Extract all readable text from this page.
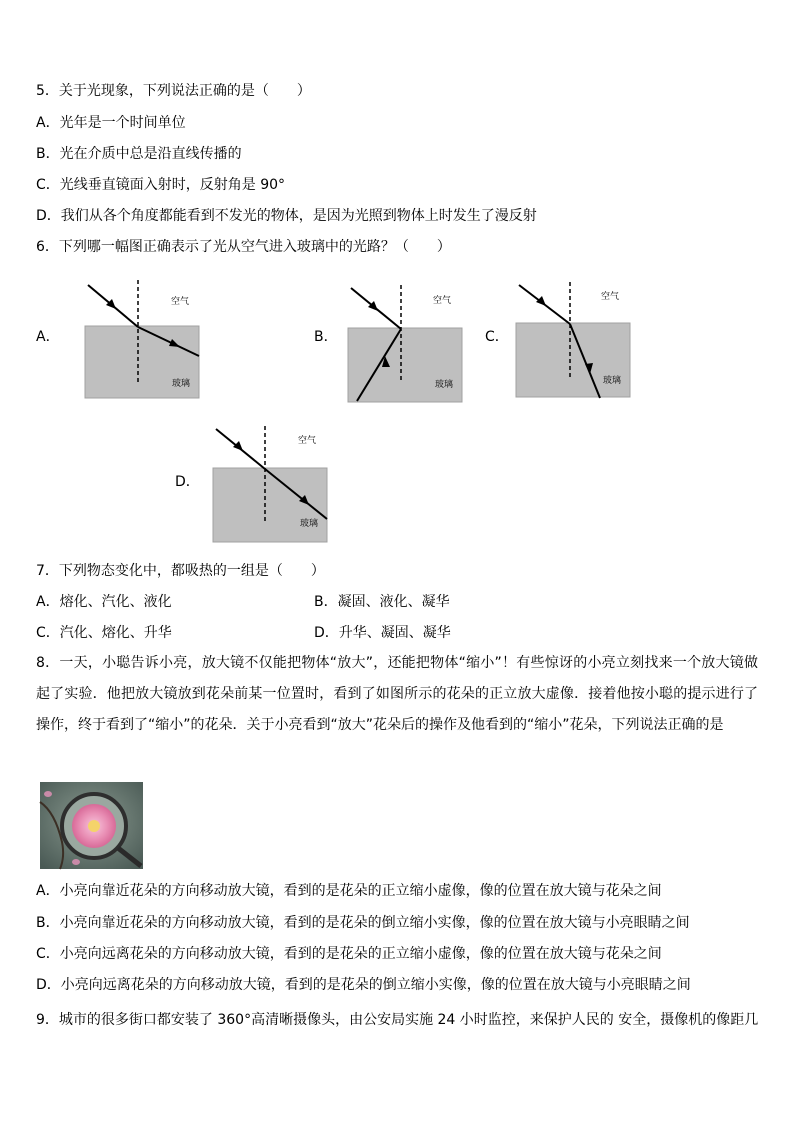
5．关于光现象，下列说法正确的是（　　）
A．光年是一个时间单位
B．光在介质中总是沿直线传播的
C．光线垂直镜面入射时，反射角是 90°
D．我们从各个角度都能看到不发光的物体，是因为光照到物体上时发生了漫反射
6．下列哪一幅图正确表示了光从空气进入玻璃中的光路？（　　）
A．
空气
玻璃
B．
空气
玻璃
C．
空气
玻璃
D．
空气
玻璃
7．下列物态变化中，都吸热的一组是（　　）
A．熔化、汽化、液化	B．凝固、液化、凝华
C．汽化、熔化、升华	D．升华、凝固、凝华
8．一天，小聪告诉小亮，放大镜不仅能把物体“放大”，还能把物体“缩小”！有些惊讶的小亮立刻找来一个放大镜做起了实验．他把放大镜放到花朵前某一位置时，看到了如图所示的花朵的正立放大虚像．接着他按小聪的提示进行了操作，终于看到了“缩小”的花朵．关于小亮看到“放大”花朵后的操作及他看到的“缩小”花朵，下列说法正确的是
A．小亮向靠近花朵的方向移动放大镜，看到的是花朵的正立缩小虚像，像的位置在放大镜与花朵之间
B．小亮向靠近花朵的方向移动放大镜，看到的是花朵的倒立缩小实像，像的位置在放大镜与小亮眼睛之间
C．小亮向远离花朵的方向移动放大镜，看到的是花朵的正立缩小虚像，像的位置在放大镜与花朵之间
D．小亮向远离花朵的方向移动放大镜，看到的是花朵的倒立缩小实像，像的位置在放大镜与小亮眼睛之间
9．城市的很多街口都安装了 360°高清晰摄像头，由公安局实施 24 小时监控，来保护人民的 安全，摄像机的像距几
